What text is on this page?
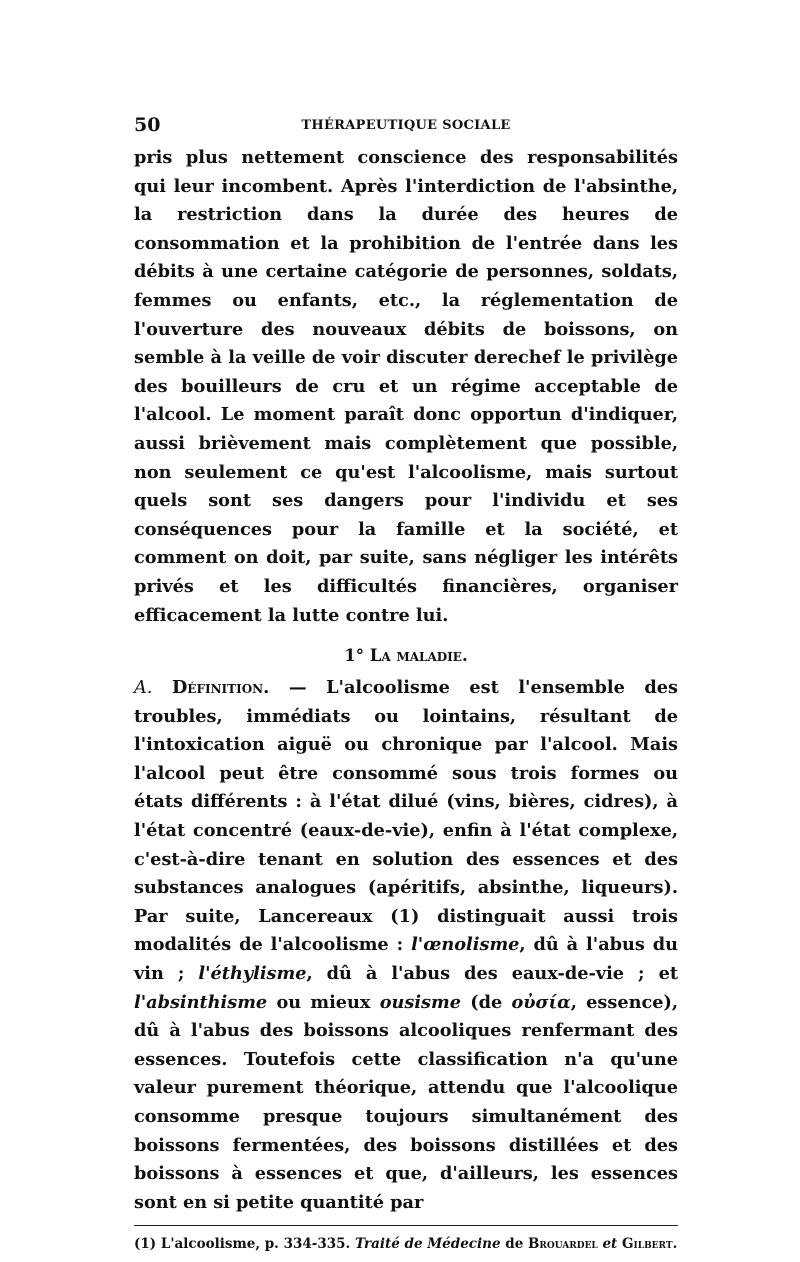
50	THÉRAPEUTIQUE SOCIALE

pris plus nettement conscience des responsabilités qui leur incombent. Après l'interdiction de l'absinthe, la restriction dans la durée des heures de consommation et la prohibition de l'entrée dans les débits à une certaine catégorie de personnes, soldats, femmes ou enfants, etc., la réglementation de l'ouverture des nouveaux débits de boissons, on semble à la veille de voir discuter derechef le privilège des bouilleurs de cru et un régime acceptable de l'alcool. Le moment paraît donc opportun d'indiquer, aussi brièvement mais complètement que possible, non seulement ce qu'est l'alcoolisme, mais surtout quels sont ses dangers pour l'individu et ses conséquences pour la famille et la société, et comment on doit, par suite, sans négliger les intérêts privés et les difficultés financières, organiser efficacement la lutte contre lui.

1° La maladie.

A. Définition. — L'alcoolisme est l'ensemble des troubles, immédiats ou lointains, résultant de l'intoxication aiguë ou chronique par l'alcool. Mais l'alcool peut être consommé sous trois formes ou états différents : à l'état dilué (vins, bières, cidres), à l'état concentré (eaux-de-vie), enfin à l'état complexe, c'est-à-dire tenant en solution des essences et des substances analogues (apéritifs, absinthe, liqueurs). Par suite, Lancereaux (1) distinguait aussi trois modalités de l'alcoolisme : l'œnolisme, dû à l'abus du vin ; l'éthylisme, dû à l'abus des eaux-de-vie ; et l'absinthisme ou mieux ousisme (de οὐσία, essence), dû à l'abus des boissons alcooliques renfermant des essences. Toutefois cette classification n'a qu'une valeur purement théorique, attendu que l'alcoolique consomme presque toujours simultanément des boissons fermentées, des boissons distillées et des boissons à essences et que, d'ailleurs, les essences sont en si petite quantité par

(1) L'alcoolisme, p. 334-335. Traité de Médecine de Brouardel et Gilbert.
